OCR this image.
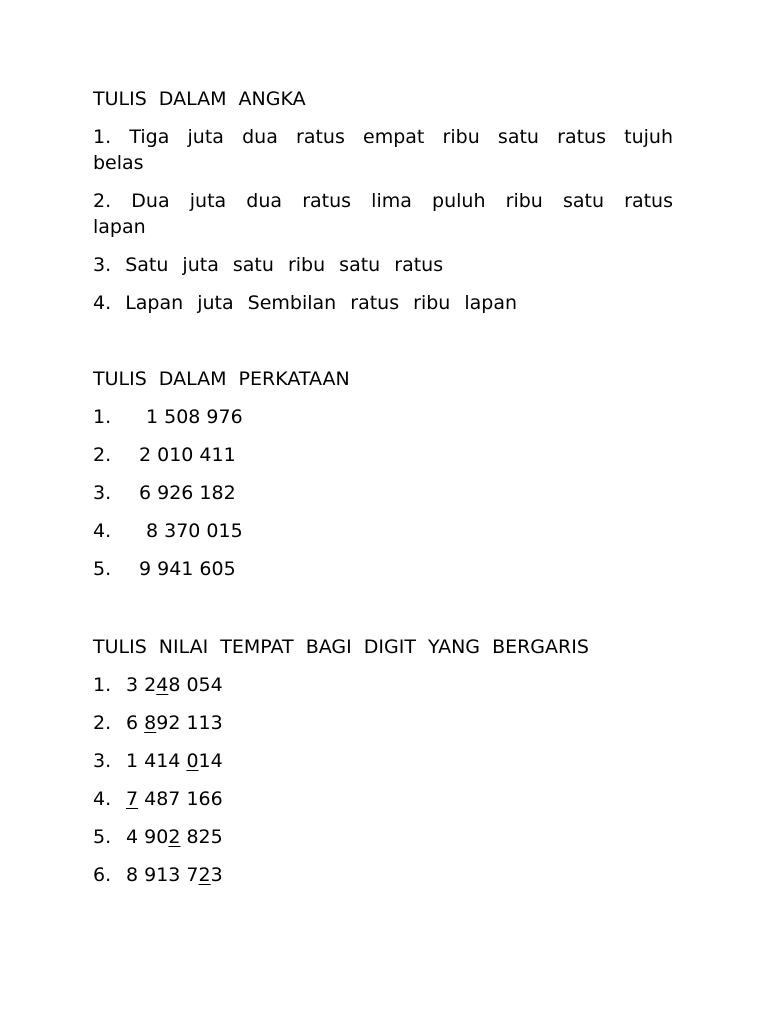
TULIS DALAM ANGKA

1. Tiga juta dua ratus empat ribu satu ratus tujuh belas
2. Dua juta dua ratus lima puluh ribu satu ratus lapan
3. Satu juta satu ribu satu ratus
4. Lapan juta Sembilan ratus ribu lapan

TULIS DALAM PERKATAAN

1. 1 508 976
2. 2 010 411
3. 6 926 182
4. 8 370 015
5. 9 941 605

TULIS NILAI TEMPAT BAGI DIGIT YANG BERGARIS

1. 3 248 054
2. 6 892 113
3. 1 414 014
4. 7 487 166
5. 4 902 825
6. 8 913 723
